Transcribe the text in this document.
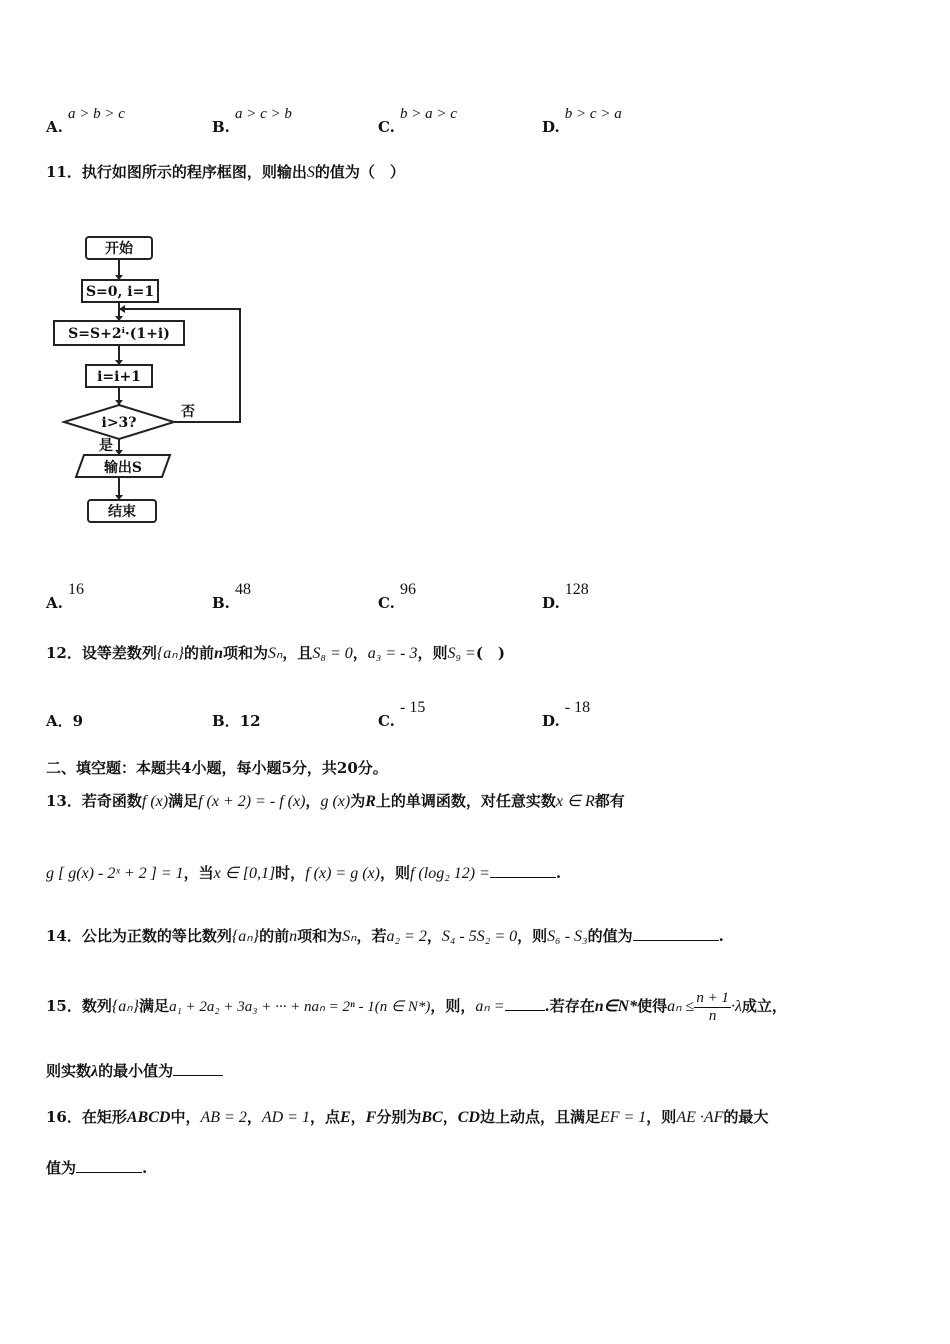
A. a > b > c
B. a > c > b
C. b > a > c
D. b > c > a
11．执行如图所示的程序框图，则输出S的值为（　）
开始
S=0, i=1
S=S+2ⁱ·(1+i)
i=i+1
i>3?
否
是
输出S
结束
A. 16
B. 48
C. 96
D. 128
12．设等差数列{aₙ}的前n项和为Sₙ，且S₈ = 0，a₃ = - 3，则S₉ =(　)
A．9	B．12	C. - 15
D. - 18
二、填空题：本题共4小题，每小题5分，共20分。
13．若奇函数f (x)满足f (x + 2) = - f (x)，g (x)为R上的单调函数，对任意实数x ∈ R都有
g [ g(x) - 2ˣ + 2 ] = 1，当x ∈ [0,1]时，f (x) = g (x)，则f (log₂ 12) =	.
14．公比为正数的等比数列{aₙ}的前n项和为Sₙ，若a₂ = 2，S₄ - 5S₂ = 0，则S₆ - S₃的值为	.
15．数列{aₙ}满足a₁ + 2a₂ + 3a₃ + ··· + naₙ = 2ⁿ - 1(n ∈ N*)，则，aₙ =	.若存在n∈N*使得$a_n \le \frac{n + 1}{n} \cdot\lambda$成立，
则实数λ的最小值为
16．在矩形ABCD中，AB = 2，AD = 1，点E，F分别为BC，CD边上动点，且满足EF = 1，则AE ·AF的最大
值为	.
